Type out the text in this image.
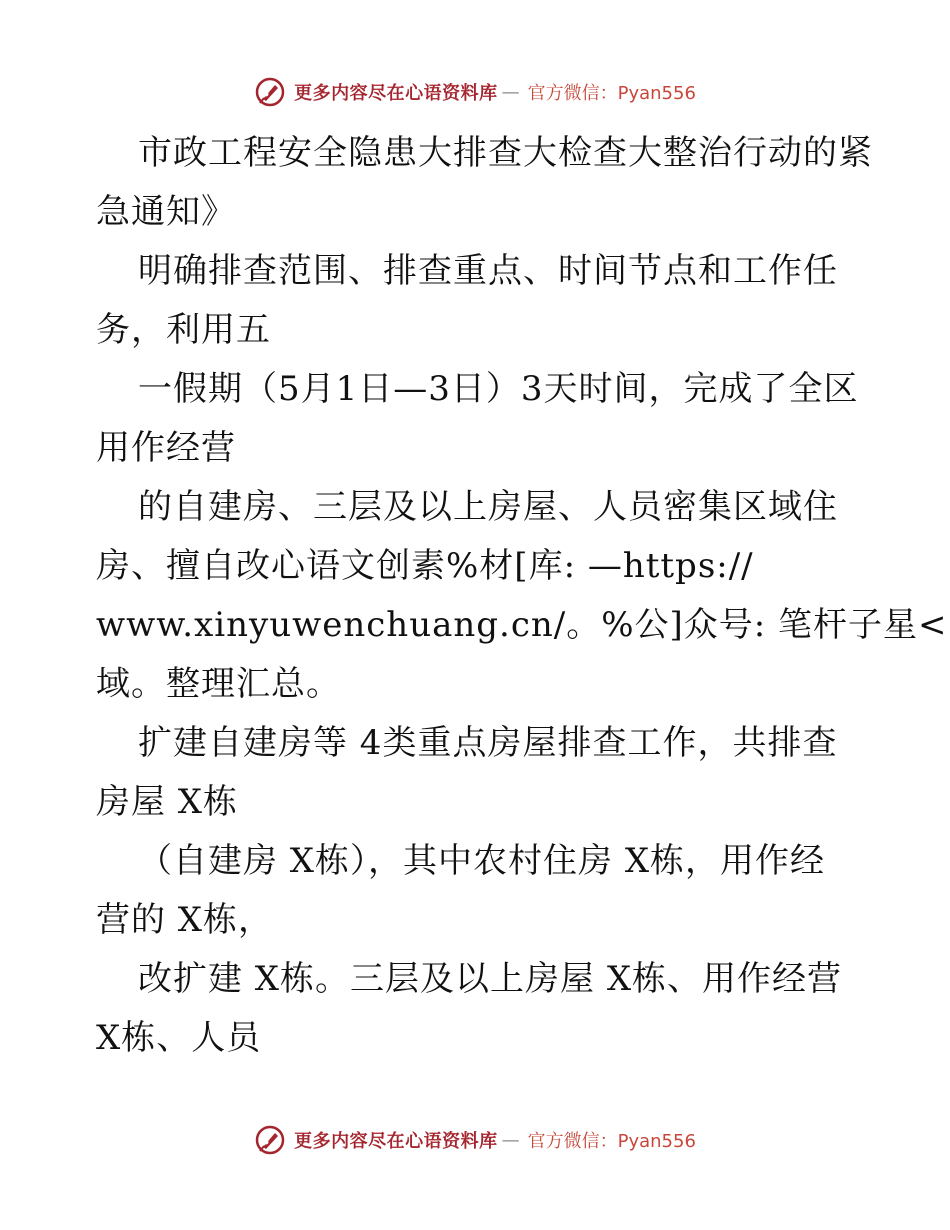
更多内容尽在心语资料库 — 官方微信：Pyan556
市政工程安全隐患大排查大检查大整治行动的紧
急通知》
明确排查范围、排查重点、时间节点和工作任
务，利用五
一假期（5月1日—3日）3天时间，完成了全区
用作经营
的自建房、三层及以上房屋、人员密集区域住
房、擅自改心语文创素%材[库: —https://
www.xinyuwenchuang.cn/。%公]众号: 笔杆子星<
域。整理汇总。
扩建自建房等 4类重点房屋排查工作，共排查
房屋 X栋
（自建房 X栋），其中农村住房 X栋，用作经
营的 X栋，
改扩建 X栋。三层及以上房屋 X栋、用作经营
X栋、人员
更多内容尽在心语资料库 — 官方微信：Pyan556
